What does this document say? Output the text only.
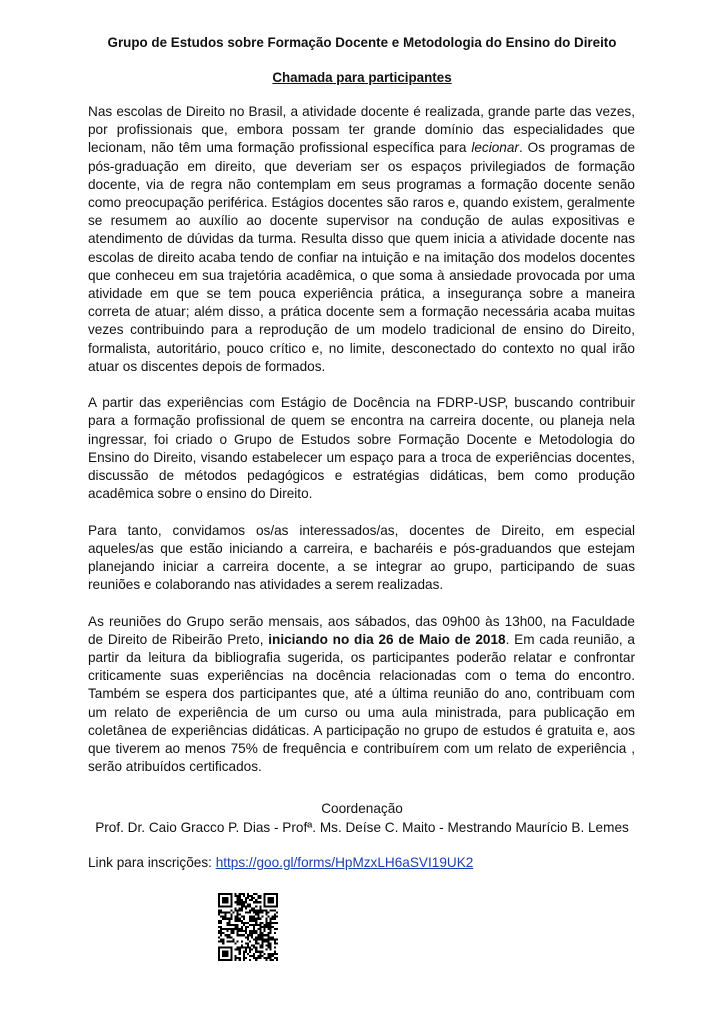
Grupo de Estudos sobre Formação Docente e Metodologia do Ensino do Direito
Chamada para participantes

Nas escolas de Direito no Brasil, a atividade docente é realizada, grande parte das vezes, por profissionais que, embora possam ter grande domínio das especialidades que lecionam, não têm uma formação profissional específica para lecionar. Os programas de pós-graduação em direito, que deveriam ser os espaços privilegiados de formação docente, via de regra não contemplam em seus programas a formação docente senão como preocupação periférica. Estágios docentes são raros e, quando existem, geralmente se resumem ao auxílio ao docente supervisor na condução de aulas expositivas e atendimento de dúvidas da turma. Resulta disso que quem inicia a atividade docente nas escolas de direito acaba tendo de confiar na intuição e na imitação dos modelos docentes que conheceu em sua trajetória acadêmica, o que soma à ansiedade provocada por uma atividade em que se tem pouca experiência prática, a insegurança sobre a maneira correta de atuar; além disso, a prática docente sem a formação necessária acaba muitas vezes contribuindo para a reprodução de um modelo tradicional de ensino do Direito, formalista, autoritário, pouco crítico e, no limite, desconectado do contexto no qual irão atuar os discentes depois de formados.

A partir das experiências com Estágio de Docência na FDRP-USP, buscando contribuir para a formação profissional de quem se encontra na carreira docente, ou planeja nela ingressar, foi criado o Grupo de Estudos sobre Formação Docente e Metodologia do Ensino do Direito, visando estabelecer um espaço para a troca de experiências docentes, discussão de métodos pedagógicos e estratégias didáticas, bem como produção acadêmica sobre o ensino do Direito.

Para tanto, convidamos os/as interessados/as, docentes de Direito, em especial aqueles/as que estão iniciando a carreira, e bacharéis e pós-graduandos que estejam planejando iniciar a carreira docente, a se integrar ao grupo, participando de suas reuniões e colaborando nas atividades a serem realizadas.

As reuniões do Grupo serão mensais, aos sábados, das 09h00 às 13h00, na Faculdade de Direito de Ribeirão Preto, iniciando no dia 26 de Maio de 2018. Em cada reunião, a partir da leitura da bibliografia sugerida, os participantes poderão relatar e confrontar criticamente suas experiências na docência relacionadas com o tema do encontro. Também se espera dos participantes que, até a última reunião do ano, contribuam com um relato de experiência de um curso ou uma aula ministrada, para publicação em coletânea de experiências didáticas. A participação no grupo de estudos é gratuita e, aos que tiverem ao menos 75% de frequência e contribuírem com um relato de experiência , serão atribuídos certificados.

Coordenação
Prof. Dr. Caio Gracco P. Dias - Profª. Ms. Deíse C. Maito - Mestrando Maurício B. Lemes
Link para inscrições: https://goo.gl/forms/HpMzxLH6aSVI19UK2
